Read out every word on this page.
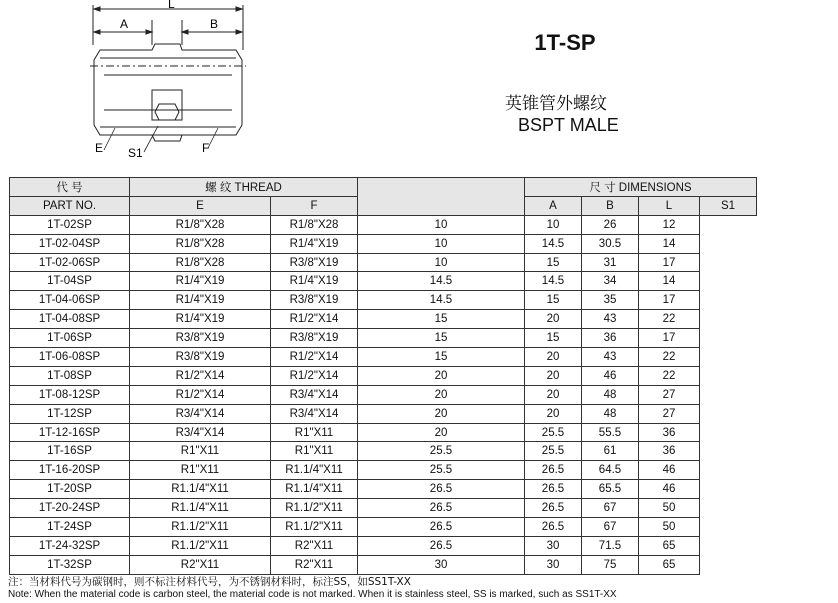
A	B
L
E S1	F
1T-SP
英锥管外螺纹
BSPT MALE
代 号	螺 纹 THREAD			尺 寸 DIMENSIONS			
PART NO.	E	F		A	B	L	S1
1T-02SP	R1/8"X28	R1/8"X28	10	10	26	12	
1T-02-04SP	R1/8"X28	R1/4"X19	10	14.5	30.5	14	
1T-02-06SP	R1/8"X28	R3/8"X19	10	15	31	17	
1T-04SP	R1/4"X19	R1/4"X19	14.5	14.5	34	14	
1T-04-06SP	R1/4"X19	R3/8"X19	14.5	15	35	17	
1T-04-08SP	R1/4"X19	R1/2"X14	15	20	43	22	
1T-06SP	R3/8"X19	R3/8"X19	15	15	36	17	
1T-06-08SP	R3/8"X19	R1/2"X14	15	20	43	22	
1T-08SP	R1/2"X14	R1/2"X14	20	20	46	22	
1T-08-12SP	R1/2"X14	R3/4"X14	20	20	48	27	
1T-12SP	R3/4"X14	R3/4"X14	20	20	48	27	
1T-12-16SP	R3/4"X14	R1"X11	20	25.5	55.5	36	
1T-16SP	R1"X11	R1"X11	25.5	25.5	61	36	
1T-16-20SP	R1"X11	R1.1/4"X11	25.5	26.5	64.5	46	
1T-20SP	R1.1/4"X11	R1.1/4"X11	26.5	26.5	65.5	46	
1T-20-24SP	R1.1/4"X11	R1.1/2"X11	26.5	26.5	67	50	
1T-24SP	R1.1/2"X11	R1.1/2"X11	26.5	26.5	67	50	
1T-24-32SP	R1.1/2"X11	R2"X11	26.5	30	71.5	65	
1T-32SP	R2"X11	R2"X11	30	30	75	65	
注：当材料代号为碳钢时，则不标注材料代号，为不锈钢材料时，标注SS，如SS1T-XX
Note: When the material code is carbon steel, the material code is not marked. When it is stainless steel, SS is marked, such as SS1T-XX
